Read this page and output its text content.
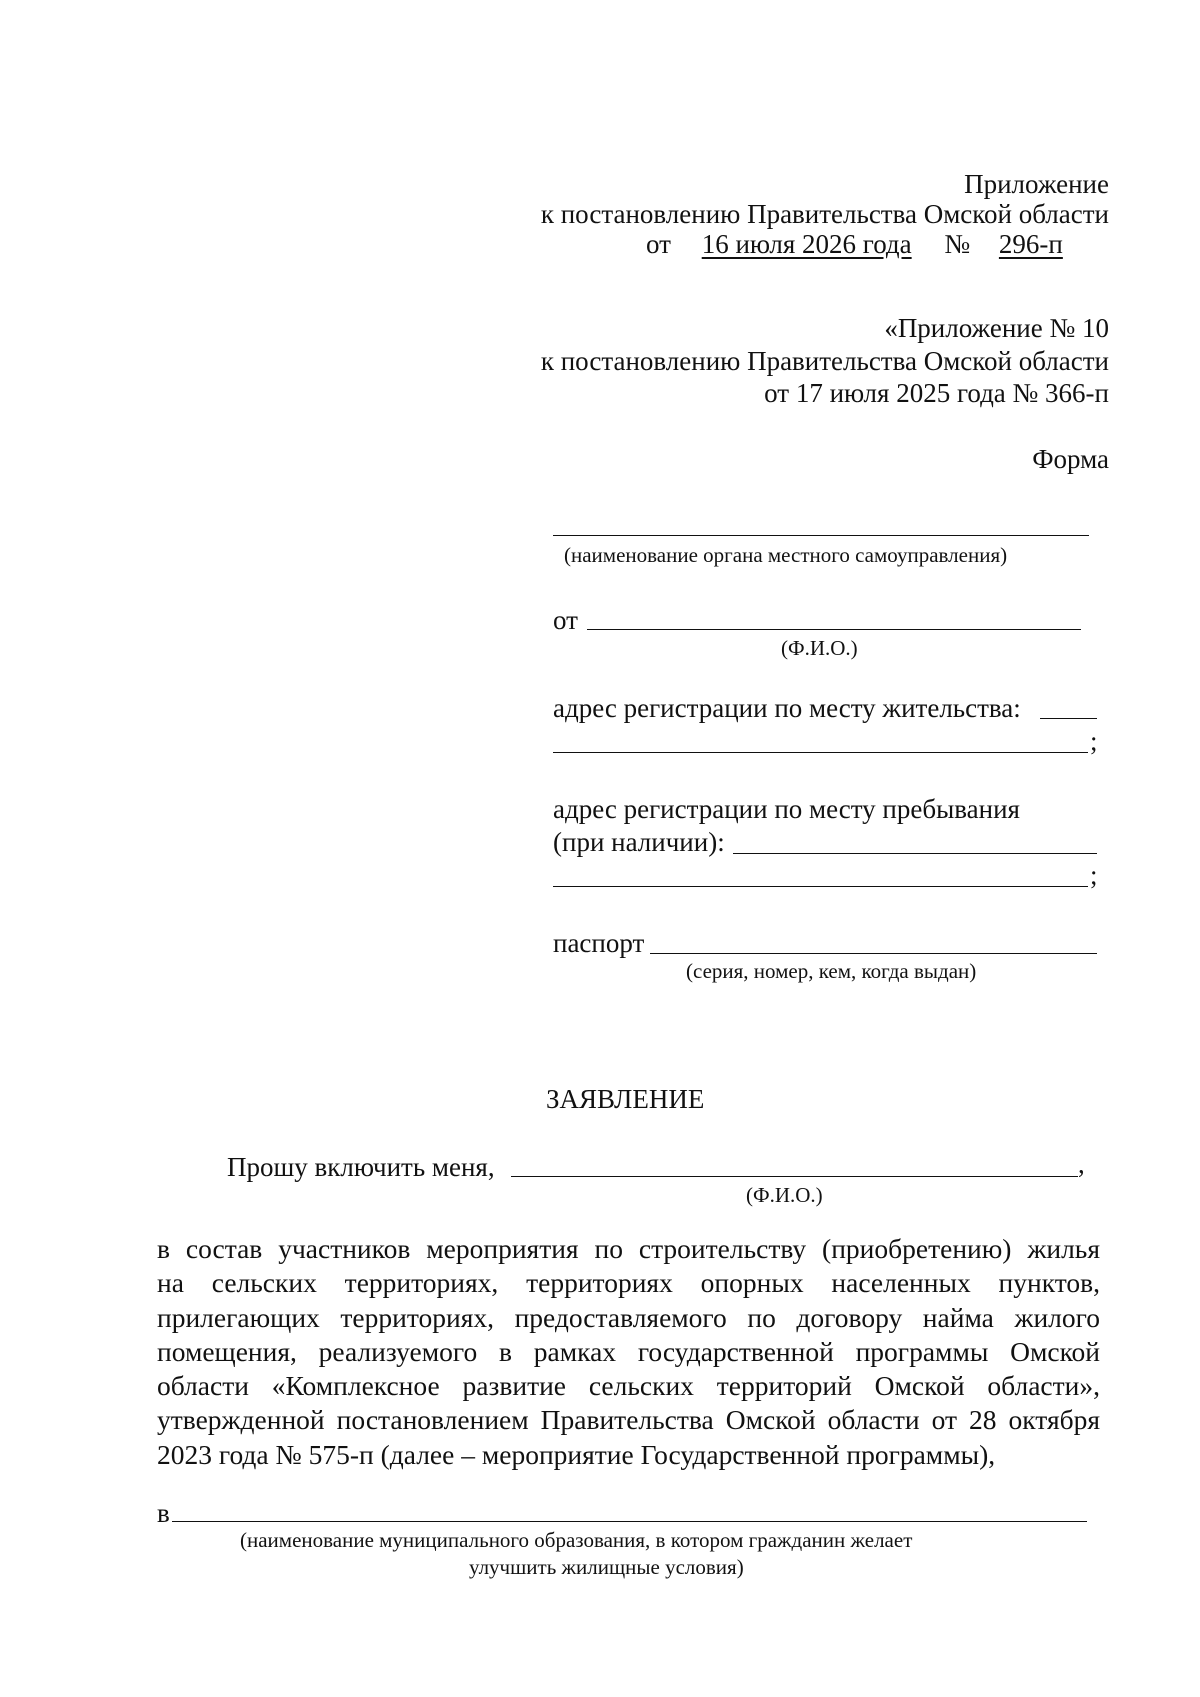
Приложение
к постановлению Правительства Омской области
от 16 июля 2026 года № 296-п
«Приложение № 10
к постановлению Правительства Омской области
от 17 июля 2025 года № 366-п
Форма
(наименование органа местного самоуправления)
от
(Ф.И.О.)
адрес регистрации по месту жительства:
;
адрес регистрации по месту пребывания
(при наличии):
;
паспорт
(серия, номер, кем, когда выдан)
ЗАЯВЛЕНИЕ
Прошу включить меня,	,
(Ф.И.О.)
в состав участников мероприятия по строительству (приобретению) жилья
на сельских территориях, территориях опорных населенных пунктов,
прилегающих территориях, предоставляемого по договору найма жилого
помещения, реализуемого в рамках государственной программы Омской
области «Комплексное развитие сельских территорий Омской области»,
утвержденной постановлением Правительства Омской области от 28 октября
2023 года № 575-п (далее – мероприятие Государственной программы),
в
(наименование муниципального образования, в котором гражданин желает
улучшить жилищные условия)
